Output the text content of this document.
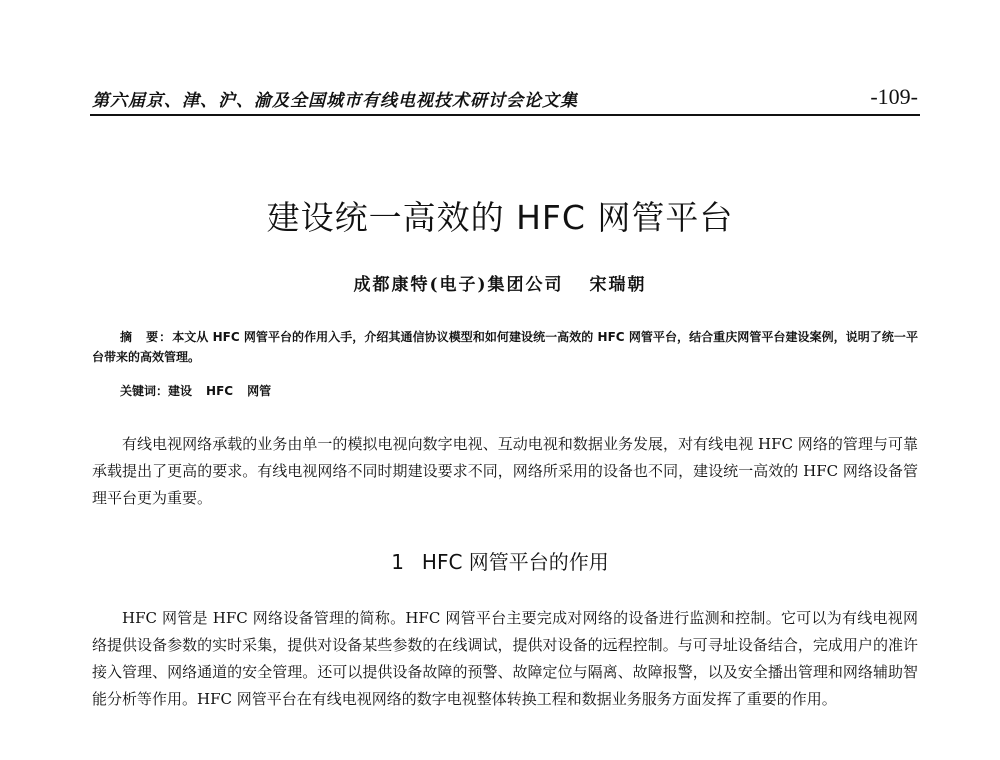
第六届京、津、沪、渝及全国城市有线电视技术研讨会论文集	-109-
建设统一高效的 HFC 网管平台
成都康特(电子)集团公司 宋瑞朝
摘　要：本文从 HFC 网管平台的作用入手，介绍其通信协议模型和如何建设统一高效的 HFC 网管平台，结合重庆网管平台建设案例，说明了统一平台带来的高效管理。
关键词：建设 HFC 网管
有线电视网络承载的业务由单一的模拟电视向数字电视、互动电视和数据业务发展，对有线电视 HFC 网络的管理与可靠承载提出了更高的要求。有线电视网络不同时期建设要求不同，网络所采用的设备也不同，建设统一高效的 HFC 网络设备管理平台更为重要。
1 HFC 网管平台的作用
HFC 网管是 HFC 网络设备管理的简称。HFC 网管平台主要完成对网络的设备进行监测和控制。它可以为有线电视网络提供设备参数的实时采集，提供对设备某些参数的在线调试，提供对设备的远程控制。与可寻址设备结合，完成用户的准许接入管理、网络通道的安全管理。还可以提供设备故障的预警、故障定位与隔离、故障报警，以及安全播出管理和网络辅助智能分析等作用。HFC 网管平台在有线电视网络的数字电视整体转换工程和数据业务服务方面发挥了重要的作用。
